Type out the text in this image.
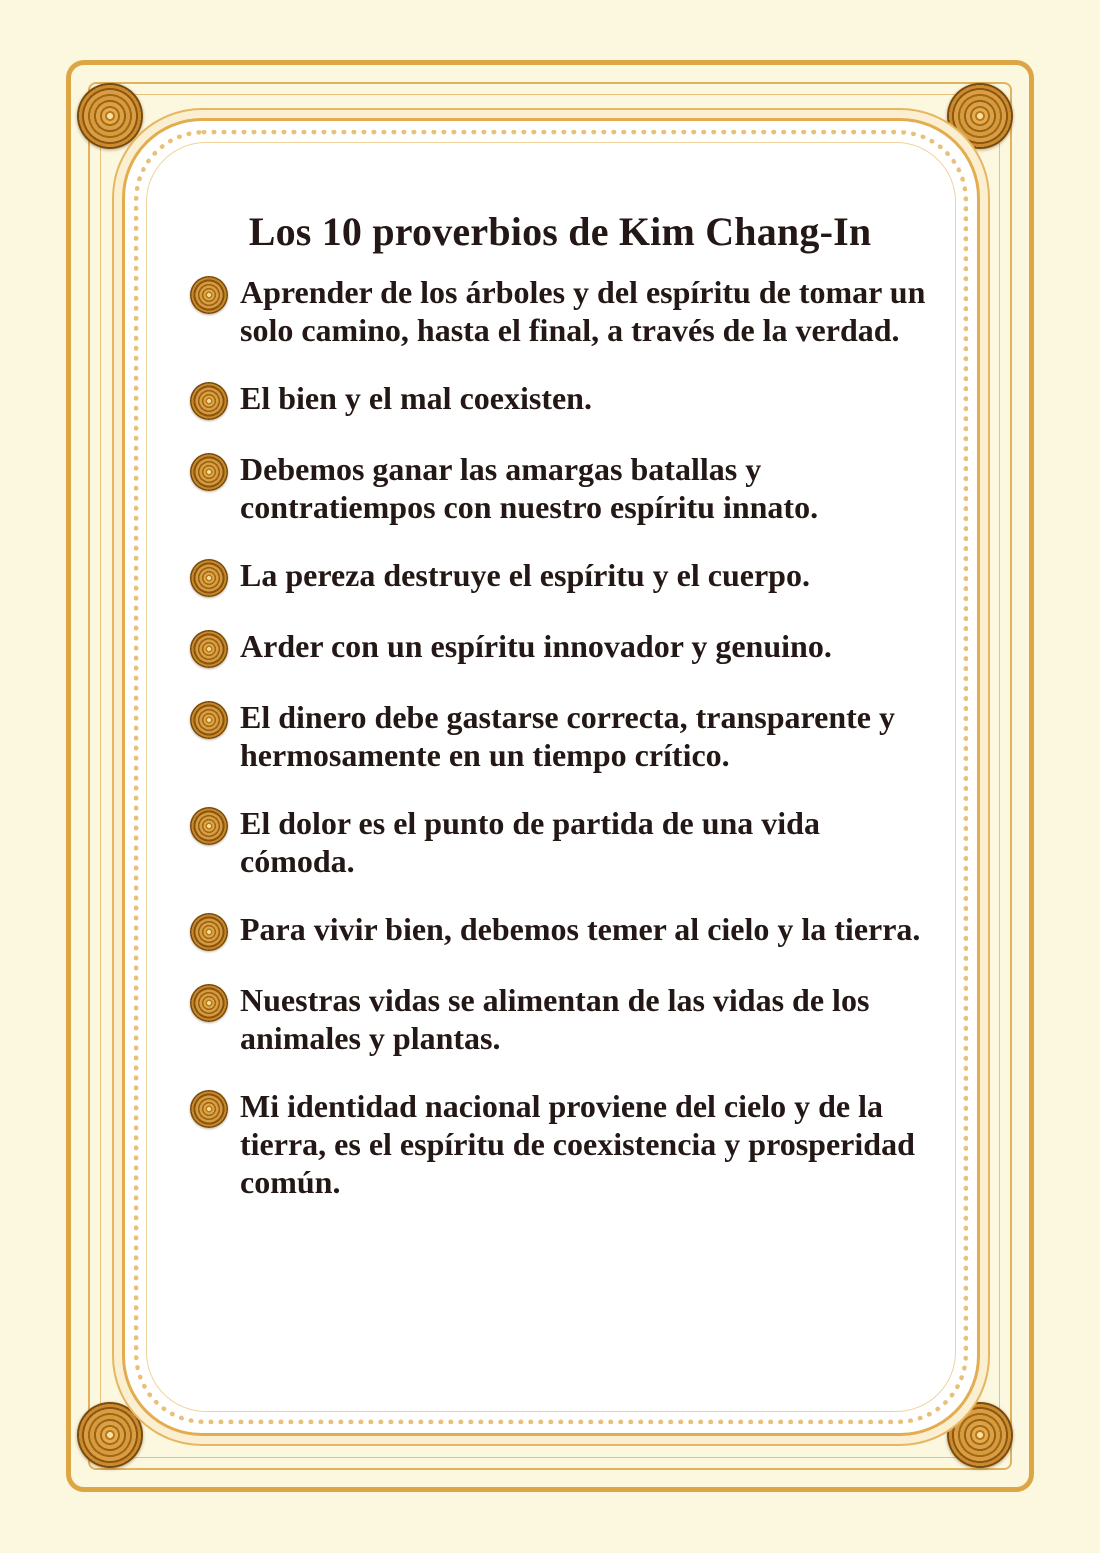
Los 10 proverbios de Kim Chang-In
Aprender de los árboles y del espíritu de tomar un solo camino, hasta el final, a través de la verdad.
El bien y el mal coexisten.
Debemos ganar las amargas batallas y contratiempos con nuestro espíritu innato.
La pereza destruye el espíritu y el cuerpo.
Arder con un espíritu innovador y genuino.
El dinero debe gastarse correcta, transparente y hermosamente en un tiempo crítico.
El dolor es el punto de partida de una vida cómoda.
Para vivir bien, debemos temer al cielo y la tierra.
Nuestras vidas se alimentan de las vidas de los animales y plantas.
Mi identidad nacional proviene del cielo y de la tierra, es el espíritu de coexistencia y prosperidad común.
